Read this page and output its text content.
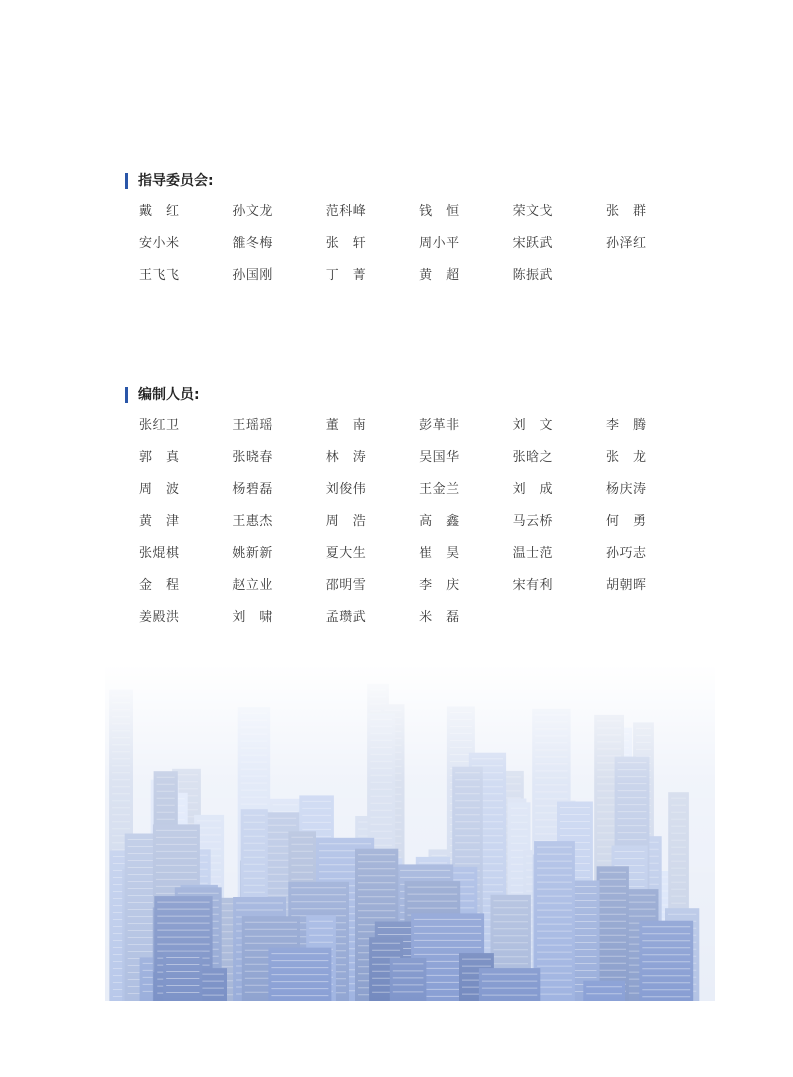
指导委员会:
戴　红	孙文龙	范科峰	钱　恒	荣文戈	张　群
安小米	雒冬梅	张　轩	周小平	宋跃武	孙泽红
王飞飞	孙国刚	丁　菁	黄　超	陈振武
编制人员:
张红卫	王瑶瑶	董　南	彭革非	刘　文	李　腾
郭　真	张晓春	林　涛	吴国华	张晗之	张　龙
周　波	杨碧磊	刘俊伟	王金兰	刘　成	杨庆涛
黄　津	王惠杰	周　浩	高　鑫	马云桥	何　勇
张焜棋	姚新新	夏大生	崔　昊	温士范	孙巧志
金　程	赵立业	邵明雪	李　庆	宋有利	胡朝晖
姜殿洪	刘　啸	孟瓒武	米　磊
